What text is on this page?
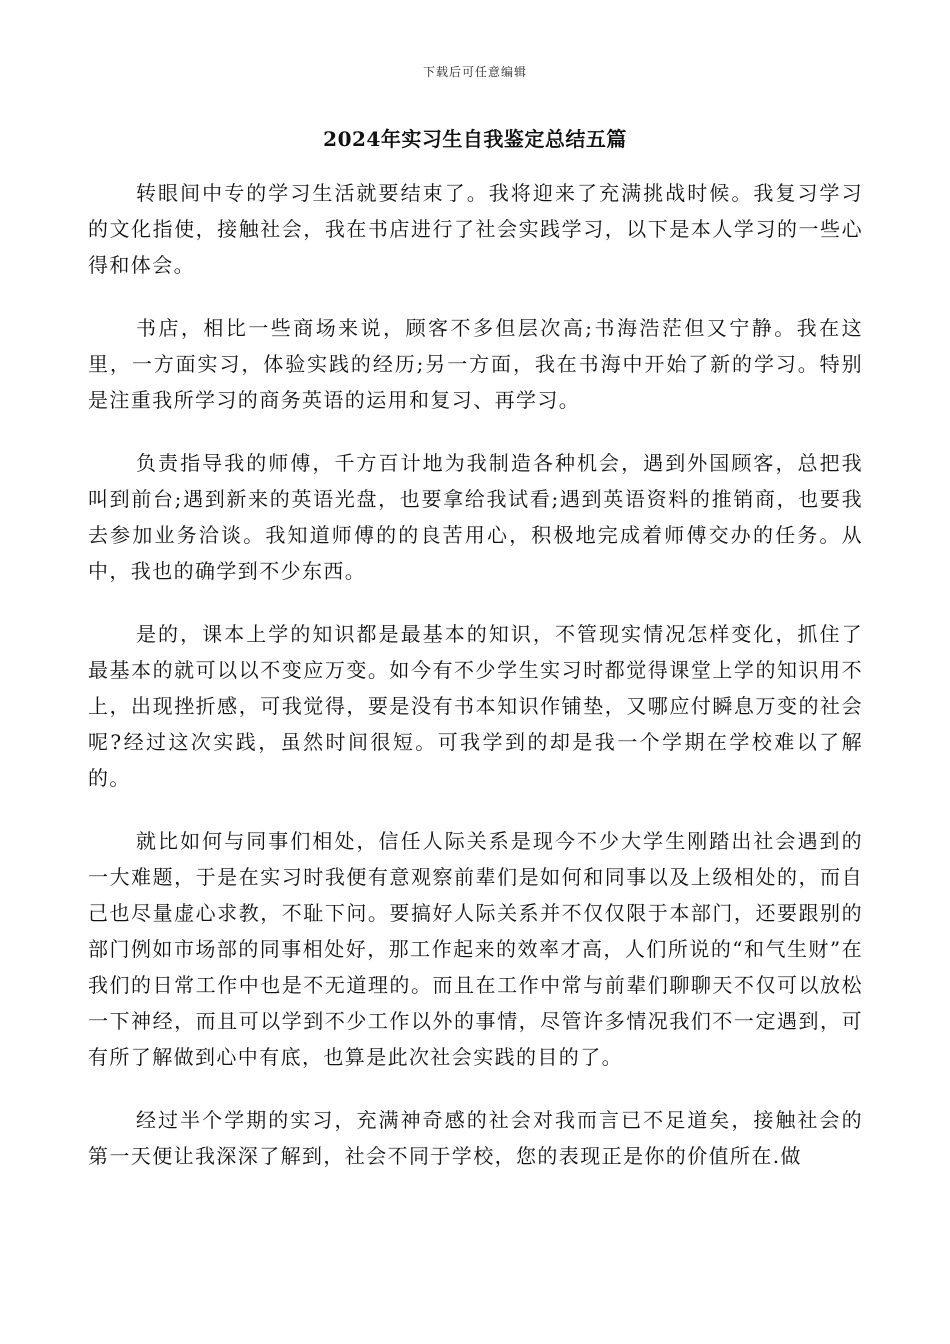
下载后可任意编辑
2024年实习生自我鉴定总结五篇

转眼间中专的学习生活就要结束了。我将迎来了充满挑战时候。我复习学习的文化指使，接触社会，我在书店进行了社会实践学习，以下是本人学习的一些心得和体会。

书店，相比一些商场来说，顾客不多但层次高;书海浩茫但又宁静。我在这里，一方面实习，体验实践的经历;另一方面，我在书海中开始了新的学习。特别是注重我所学习的商务英语的运用和复习、再学习。

负责指导我的师傅，千方百计地为我制造各种机会，遇到外国顾客，总把我叫到前台;遇到新来的英语光盘，也要拿给我试看;遇到英语资料的推销商，也要我去参加业务洽谈。我知道师傅的的良苦用心，积极地完成着师傅交办的任务。从中，我也的确学到不少东西。

是的，课本上学的知识都是最基本的知识，不管现实情况怎样变化，抓住了最基本的就可以以不变应万变。如今有不少学生实习时都觉得课堂上学的知识用不上，出现挫折感，可我觉得，要是没有书本知识作铺垫，又哪应付瞬息万变的社会呢?经过这次实践，虽然时间很短。可我学到的却是我一个学期在学校难以了解的。

就比如何与同事们相处，信任人际关系是现今不少大学生刚踏出社会遇到的一大难题，于是在实习时我便有意观察前辈们是如何和同事以及上级相处的，而自己也尽量虚心求教，不耻下问。要搞好人际关系并不仅仅限于本部门，还要跟别的部门例如市场部的同事相处好，那工作起来的效率才高，人们所说的“和气生财”在我们的日常工作中也是不无道理的。而且在工作中常与前辈们聊聊天不仅可以放松一下神经，而且可以学到不少工作以外的事情，尽管许多情况我们不一定遇到，可有所了解做到心中有底，也算是此次社会实践的目的了。

经过半个学期的实习，充满神奇感的社会对我而言已不足道矣，接触社会的第一天便让我深深了解到，社会不同于学校，您的表现正是你的价值所在.做
